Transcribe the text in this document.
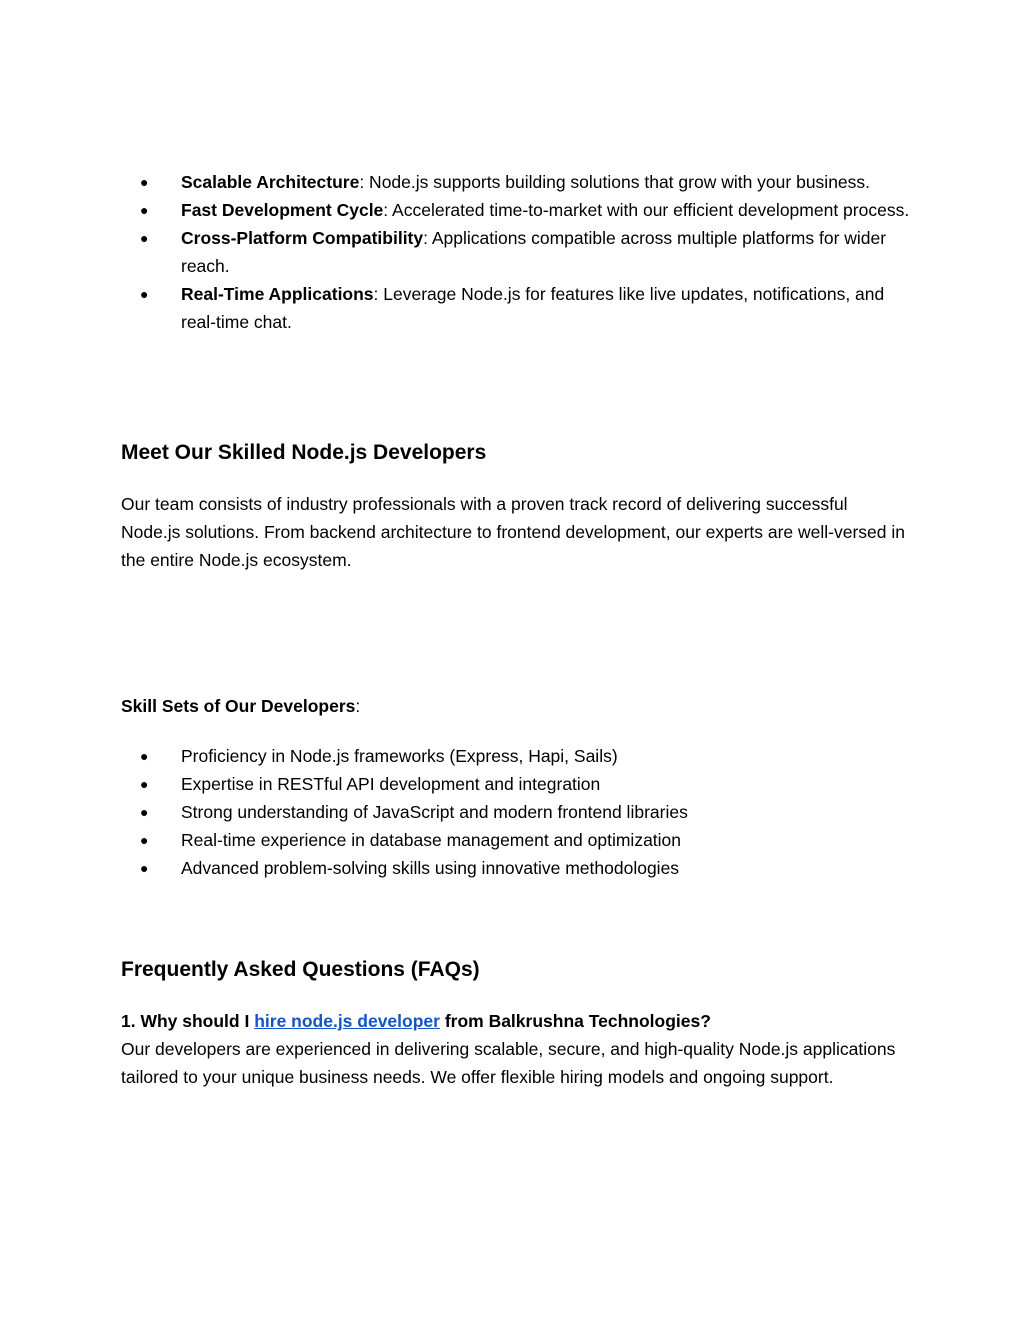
● Scalable Architecture: Node.js supports building solutions that grow with your business.
● Fast Development Cycle: Accelerated time-to-market with our efficient development process.
● Cross-Platform Compatibility: Applications compatible across multiple platforms for wider reach.
● Real-Time Applications: Leverage Node.js for features like live updates, notifications, and real-time chat.
Meet Our Skilled Node.js Developers
Our team consists of industry professionals with a proven track record of delivering successful Node.js solutions. From backend architecture to frontend development, our experts are well-versed in the entire Node.js ecosystem.
Skill Sets of Our Developers:
● Proficiency in Node.js frameworks (Express, Hapi, Sails)
● Expertise in RESTful API development and integration
● Strong understanding of JavaScript and modern frontend libraries
● Real-time experience in database management and optimization
● Advanced problem-solving skills using innovative methodologies
Frequently Asked Questions (FAQs)
1. Why should I hire node.js developer from Balkrushna Technologies?
Our developers are experienced in delivering scalable, secure, and high-quality Node.js applications tailored to your unique business needs. We offer flexible hiring models and ongoing support.
